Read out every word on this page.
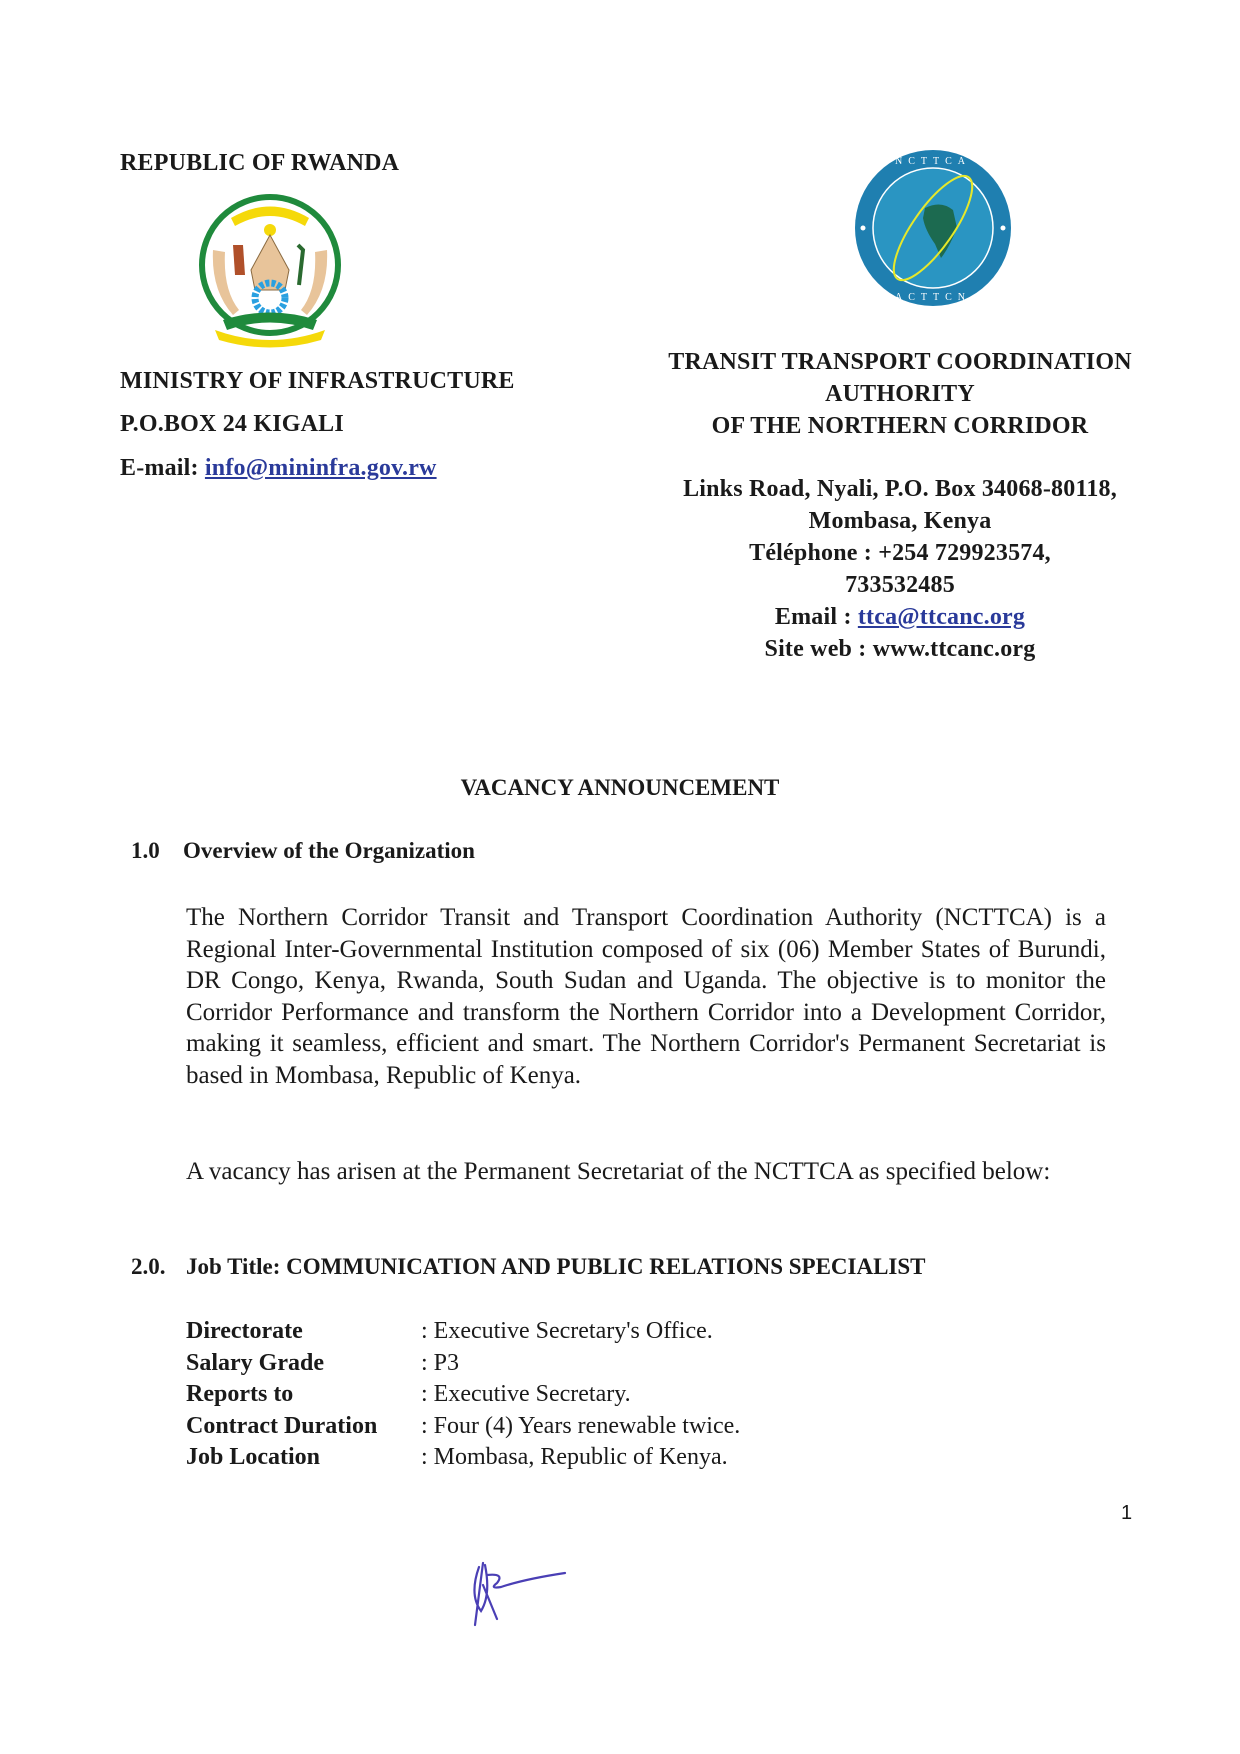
REPUBLIC OF RWANDA
MINISTRY OF INFRASTRUCTURE
P.O.BOX 24 KIGALI
E-mail: info@mininfra.gov.rw
NCTTCA
ACTTCN
TRANSIT TRANSPORT COORDINATION
AUTHORITY
OF THE NORTHERN CORRIDOR
Links Road, Nyali, P.O. Box 34068-80118,
Mombasa, Kenya
Téléphone : +254 729923574,
733532485
Email : ttca@ttcanc.org
Site web : www.ttcanc.org
VACANCY ANNOUNCEMENT
1.0 Overview of the Organization
The Northern Corridor Transit and Transport Coordination Authority (NCTTCA) is a Regional Inter-Governmental Institution composed of six (06) Member States of Burundi, DR Congo, Kenya, Rwanda, South Sudan and Uganda. The objective is to monitor the Corridor Performance and transform the Northern Corridor into a Development Corridor, making it seamless, efficient and smart. The Northern Corridor's Permanent Secretariat is based in Mombasa, Republic of Kenya.
A vacancy has arisen at the Permanent Secretariat of the NCTTCA as specified below:
2.0. Job Title: COMMUNICATION AND PUBLIC RELATIONS SPECIALIST
Directorate	: Executive Secretary's Office.
Salary Grade	: P3
Reports to	: Executive Secretary.
Contract Duration	: Four (4) Years renewable twice.
Job Location	: Mombasa, Republic of Kenya.
1
